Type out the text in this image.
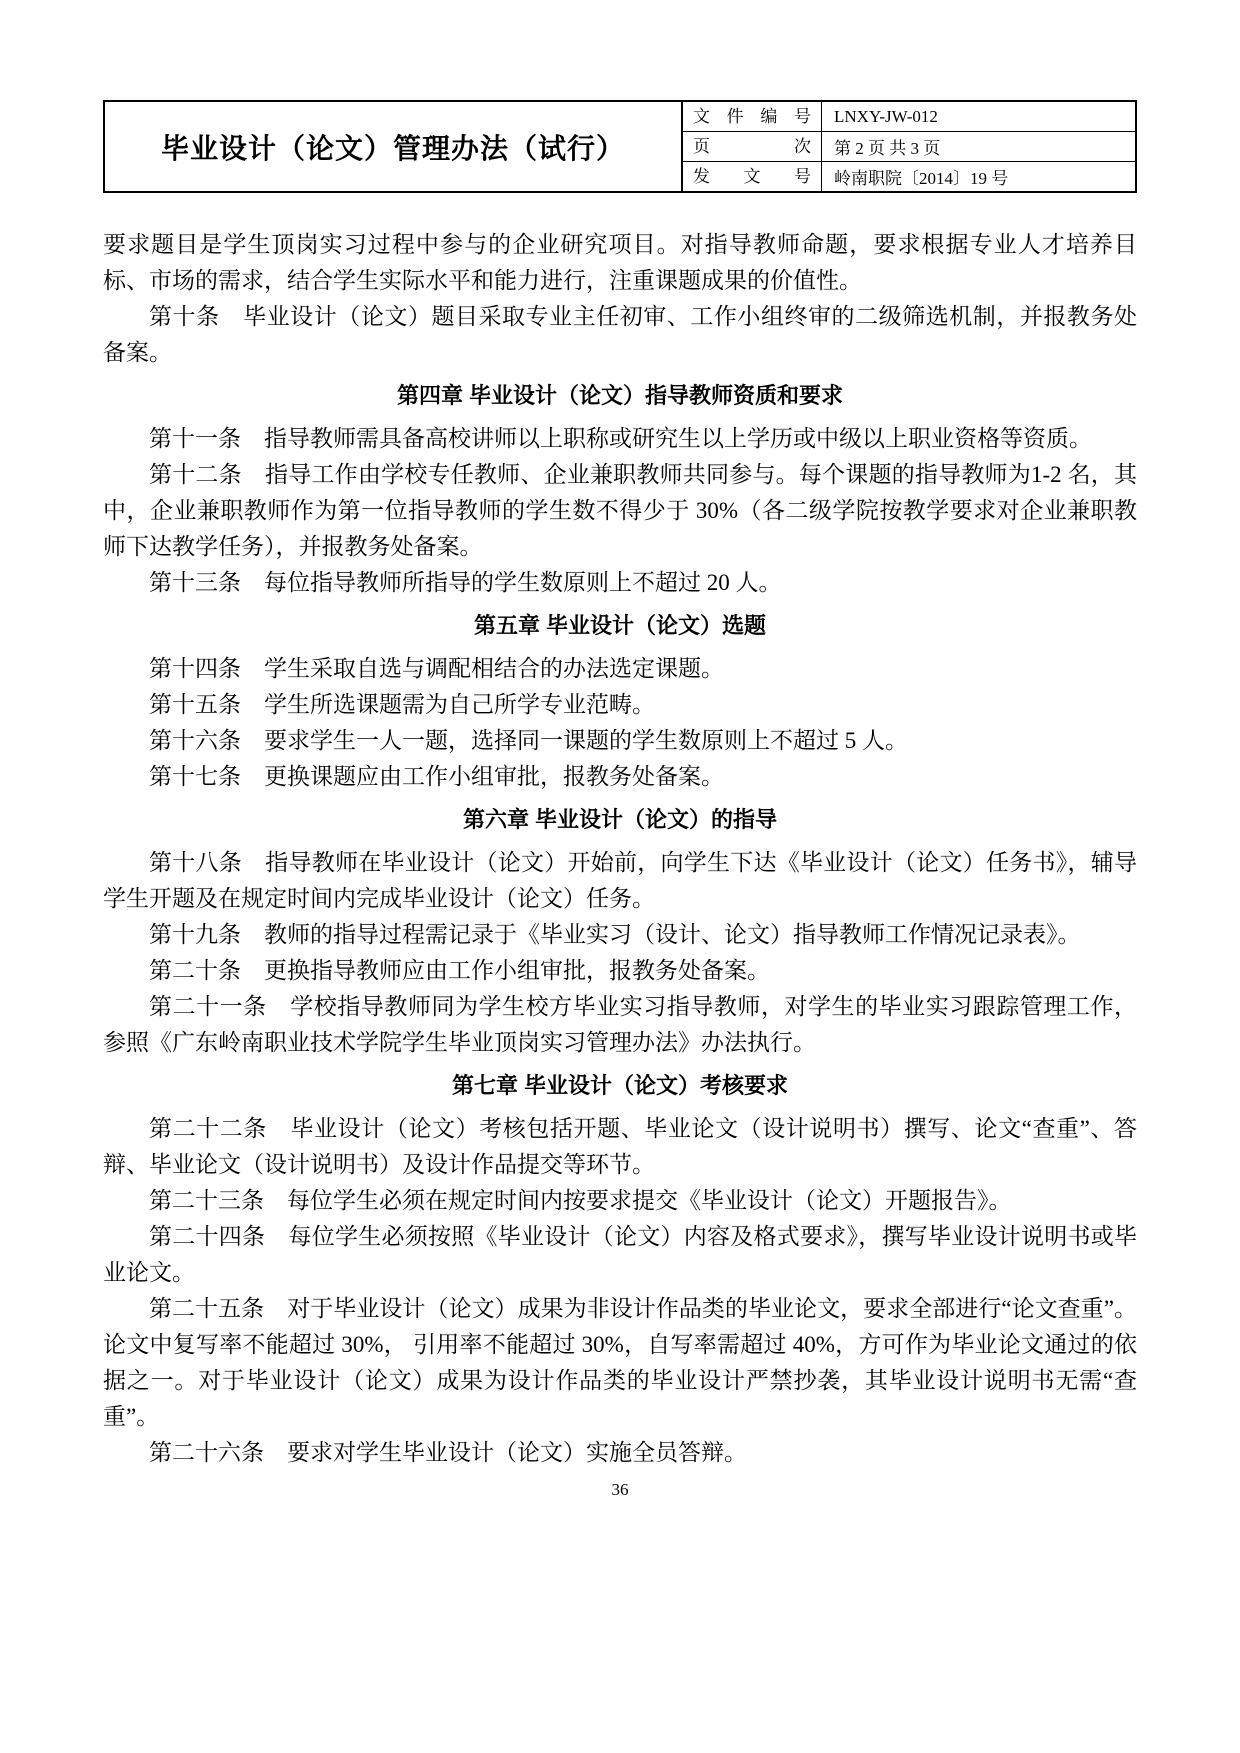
毕业设计（论文）管理办法（试行）
文件编号	LNXY-JW-012
页次	第 2 页 共 3 页
发文号	岭南职院〔2014〕19 号
要求题目是学生顶岗实习过程中参与的企业研究项目。对指导教师命题，要求根据专业人才培养目标、市场的需求，结合学生实际水平和能力进行，注重课题成果的价值性。
第十条　毕业设计（论文）题目采取专业主任初审、工作小组终审的二级筛选机制，并报教务处备案。
第四章 毕业设计（论文）指导教师资质和要求
第十一条　指导教师需具备高校讲师以上职称或研究生以上学历或中级以上职业资格等资质。
第十二条　指导工作由学校专任教师、企业兼职教师共同参与。每个课题的指导教师为1-2 名，其中，企业兼职教师作为第一位指导教师的学生数不得少于 30%（各二级学院按教学要求对企业兼职教师下达教学任务），并报教务处备案。
第十三条　每位指导教师所指导的学生数原则上不超过 20 人。
第五章 毕业设计（论文）选题
第十四条　学生采取自选与调配相结合的办法选定课题。
第十五条　学生所选课题需为自己所学专业范畴。
第十六条　要求学生一人一题，选择同一课题的学生数原则上不超过 5 人。
第十七条　更换课题应由工作小组审批，报教务处备案。
第六章 毕业设计（论文）的指导
第十八条　指导教师在毕业设计（论文）开始前，向学生下达《毕业设计（论文）任务书》，辅导学生开题及在规定时间内完成毕业设计（论文）任务。
第十九条　教师的指导过程需记录于《毕业实习（设计、论文）指导教师工作情况记录表》。
第二十条　更换指导教师应由工作小组审批，报教务处备案。
第二十一条　学校指导教师同为学生校方毕业实习指导教师，对学生的毕业实习跟踪管理工作，参照《广东岭南职业技术学院学生毕业顶岗实习管理办法》办法执行。
第七章 毕业设计（论文）考核要求
第二十二条　毕业设计（论文）考核包括开题、毕业论文（设计说明书）撰写、论文“查重”、答辩、毕业论文（设计说明书）及设计作品提交等环节。
第二十三条　每位学生必须在规定时间内按要求提交《毕业设计（论文）开题报告》。
第二十四条　每位学生必须按照《毕业设计（论文）内容及格式要求》，撰写毕业设计说明书或毕业论文。
第二十五条　对于毕业设计（论文）成果为非设计作品类的毕业论文，要求全部进行“论文查重”。论文中复写率不能超过 30%， 引用率不能超过 30%，自写率需超过 40%，方可作为毕业论文通过的依据之一。对于毕业设计（论文）成果为设计作品类的毕业设计严禁抄袭，其毕业设计说明书无需“查重”。
第二十六条　要求对学生毕业设计（论文）实施全员答辩。
36
